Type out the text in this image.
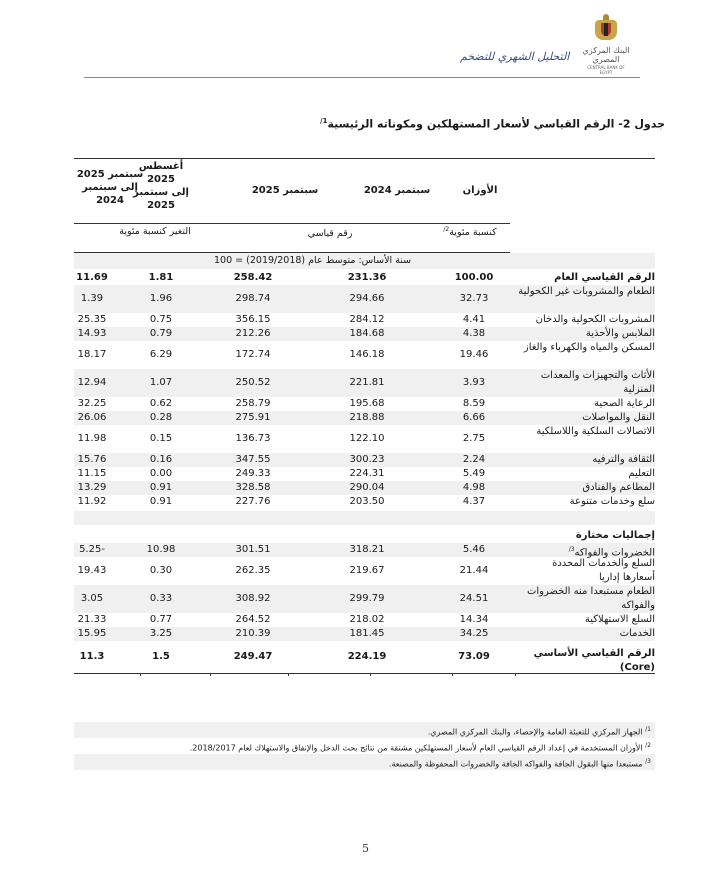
البنك المركزي المصري
CENTRAL BANK OF EGYPT
التحليل الشهري للتضخم
جدول 2- الرقم القياسي لأسعار المستهلكين ومكوناته الرئيسية$^{1/}$
الأوزان
سبتمبر 2024
سبتمبر 2025
أغسطس
2025
إلى سبتمبر
2025
سبتمبر 2025
إلى سبتمبر
2024
كنسبة مئوية$^{2/}$
رقم قياسي
التغير كنسبة مئوية
سنة الأساس: متوسط عام (2019/2018) = 100
الرقم القياسي العام
100.00
231.36
258.42
1.81
11.69
الطعام والمشروبات غير الكحولية
32.73
294.66
298.74
1.96
1.39
المشروبات الكحولية والدخان
4.41
284.12
356.15
0.75
25.35
الملابس والأحذية
4.38
184.68
212.26
0.79
14.93
المسكن والمياه والكهرباء والغاز
19.46
146.18
172.74
6.29
18.17
الأثاث والتجهيزات والمعدات المنزلية
3.93
221.81
250.52
1.07
12.94
الرعاية الصحية
8.59
195.68
258.79
0.62
32.25
النقل والمواصلات
6.66
218.88
275.91
0.28
26.06
الاتصالات السلكية واللاسلكية
2.75
122.10
136.73
0.15
11.98
الثقافة والترفيه
2.24
300.23
347.55
0.16
15.76
التعليم
5.49
224.31
249.33
0.00
11.15
المطاعم والفنادق
4.98
290.04
328.58
0.91
13.29
سلع وخدمات متنوعة
4.37
203.50
227.76
0.91
11.92
إجماليات مختارة
الخضروات والفواكه$^{3/}$
5.46
318.21
301.51
10.98
-5.25
السلع والخدمات المحددة أسعارها إداريا
21.44
219.67
262.35
0.30
19.43
الطعام مستبعدا منه الخضروات والفواكه
24.51
299.79
308.92
0.33
3.05
السلع الاستهلاكية
14.34
218.02
264.52
0.77
21.33
الخدمات
34.25
181.45
210.39
3.25
15.95
الرقم القياسي الأساسي (Core)
73.09
224.19
249.47
1.5
11.3
$^{1/}$ الجهاز المركزي للتعبئة العامة والإحصاء، والبنك المركزي المصري.
$^{2/}$ الأوزان المستخدمة في إعداد الرقم القياسي العام لأسعار المستهلكين مشتقة من نتائج بحث الدخل والإنفاق والاستهلاك لعام 2018/2017.
$^{3/}$ مستبعدا منها البقول الجافة والفواكه الجافة والخضروات المحفوظة والمصنعة.
5
